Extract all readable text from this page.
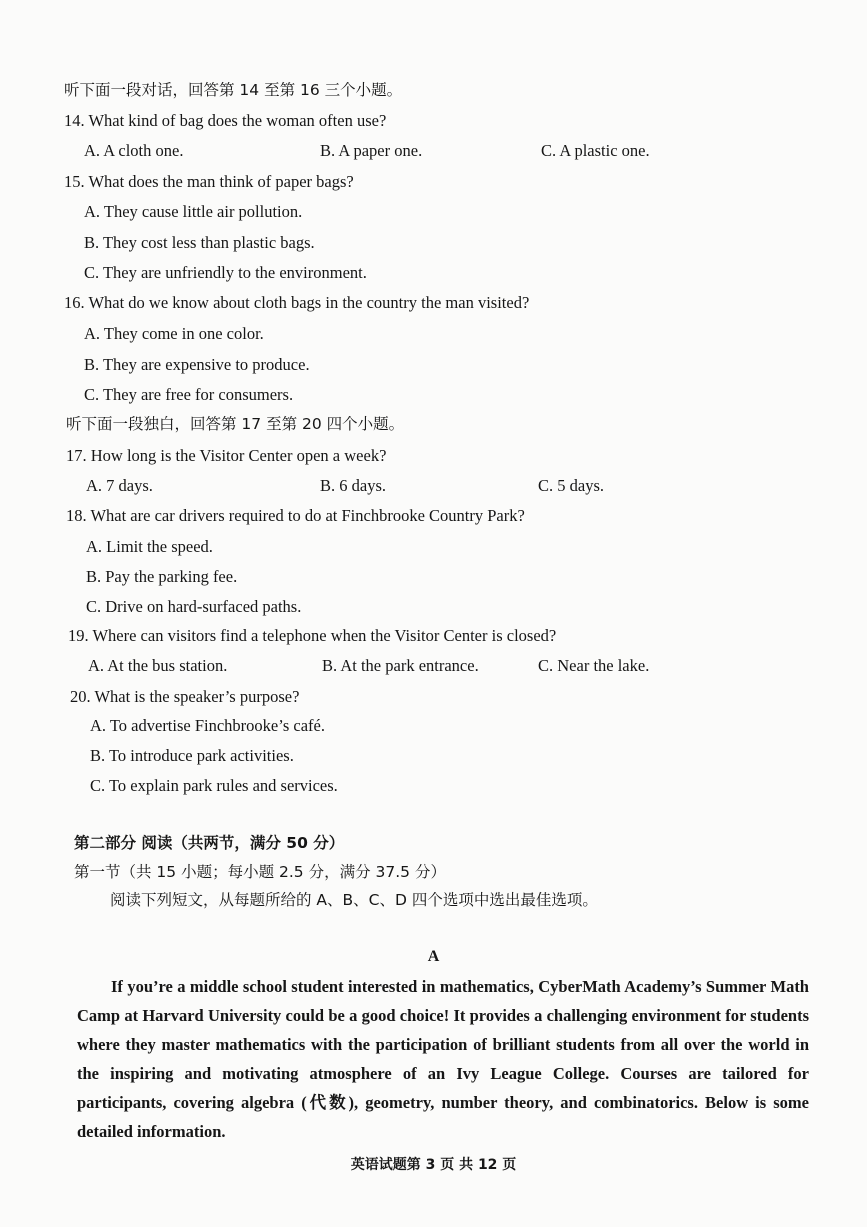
听下面一段对话，回答第 14 至第 16 三个小题。
14. What kind of bag does the woman often use?
A. A cloth one.	B. A paper one.	C. A plastic one.
15. What does the man think of paper bags?
A. They cause little air pollution.
B. They cost less than plastic bags.
C. They are unfriendly to the environment.
16. What do we know about cloth bags in the country the man visited?
A. They come in one color.
B. They are expensive to produce.
C. They are free for consumers.
听下面一段独白，回答第 17 至第 20 四个小题。
17. How long is the Visitor Center open a week?
A. 7 days.	B. 6 days.	C. 5 days.
18. What are car drivers required to do at Finchbrooke Country Park?
A. Limit the speed.
B. Pay the parking fee.
C. Drive on hard-surfaced paths.
19. Where can visitors find a telephone when the Visitor Center is closed?
A. At the bus station.	B. At the park entrance.	C. Near the lake.
20. What is the speaker’s purpose?
A. To advertise Finchbrooke’s café.
B. To introduce park activities.
C. To explain park rules and services.
第二部分 阅读（共两节，满分 50 分）
第一节（共 15 小题；每小题 2.5 分，满分 37.5 分）
阅读下列短文，从每题所给的 A、B、C、D 四个选项中选出最佳选项。
A
If you’re a middle school student interested in mathematics, CyberMath Academy’s Summer Math Camp at Harvard University could be a good choice! It provides a challenging environment for students where they master mathematics with the participation of brilliant students from all over the world in the inspiring and motivating atmosphere of an Ivy League College. Courses are tailored for participants, covering algebra (代数), geometry, number theory, and combinatorics. Below is some detailed information.
英语试题第 3 页 共 12 页
